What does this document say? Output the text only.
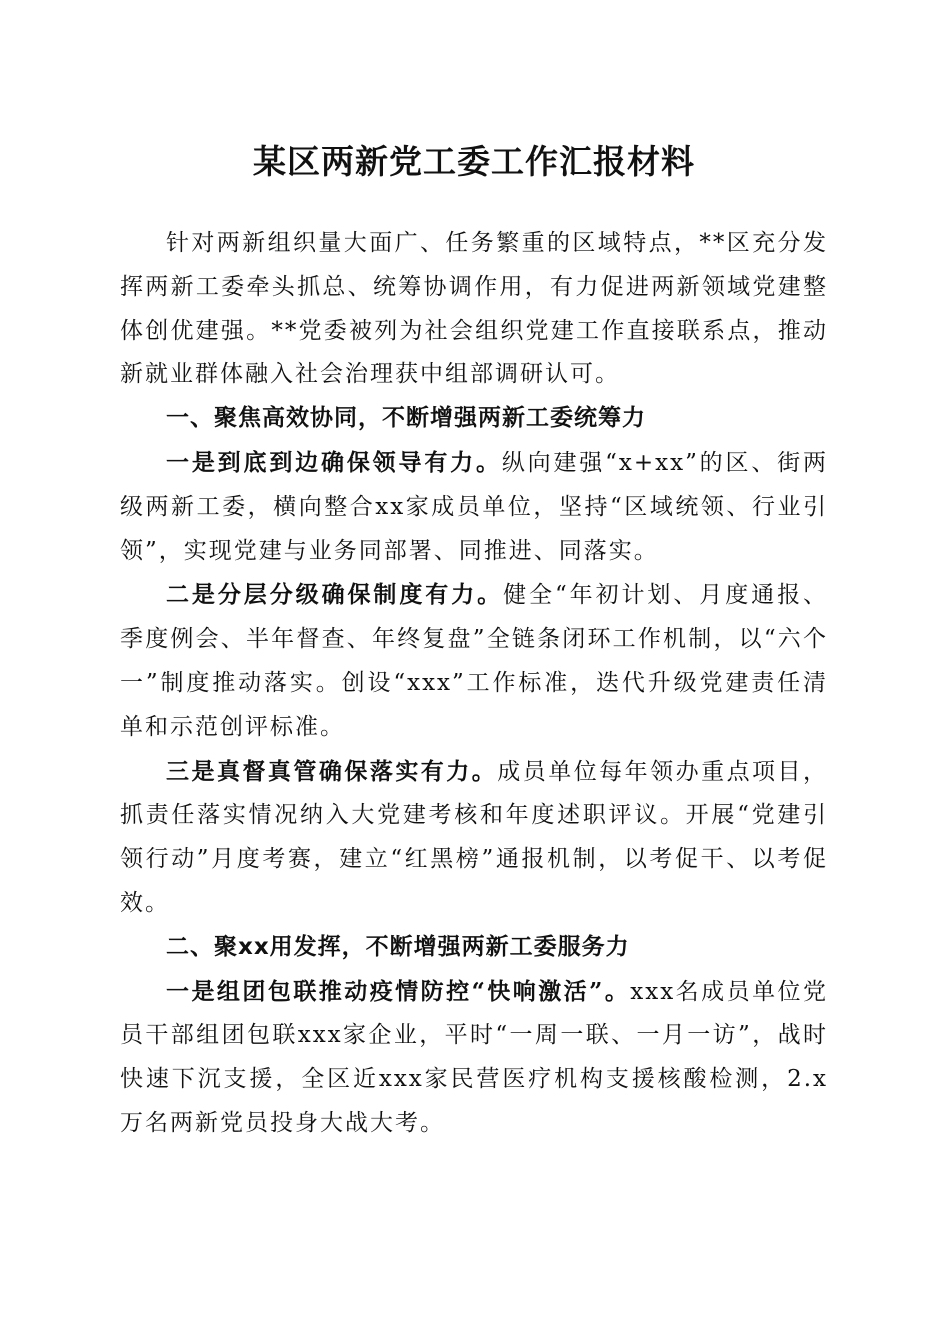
某区两新党工委工作汇报材料

针对两新组织量大面广、任务繁重的区域特点，**区充分发挥两新工委牵头抓总、统筹协调作用，有力促进两新领域党建整体创优建强。**党委被列为社会组织党建工作直接联系点，推动新就业群体融入社会治理获中组部调研认可。

一、聚焦高效协同，不断增强两新工委统筹力

一是到底到边确保领导有力。纵向建强“x+xx”的区、街两级两新工委，横向整合xx家成员单位，坚持“区域统领、行业引领”，实现党建与业务同部署、同推进、同落实。

二是分层分级确保制度有力。健全“年初计划、月度通报、季度例会、半年督查、年终复盘”全链条闭环工作机制，以“六个一”制度推动落实。创设“xxx”工作标准，迭代升级党建责任清单和示范创评标准。

三是真督真管确保落实有力。成员单位每年领办重点项目，抓责任落实情况纳入大党建考核和年度述职评议。开展“党建引领行动”月度考赛，建立“红黑榜”通报机制，以考促干、以考促效。

二、聚xx用发挥，不断增强两新工委服务力

一是组团包联推动疫情防控“快响激活”。xxx名成员单位党员干部组团包联xxx家企业，平时“一周一联、一月一访”，战时快速下沉支援，全区近xxx家民营医疗机构支援核酸检测，2.x万名两新党员投身大战大考。
